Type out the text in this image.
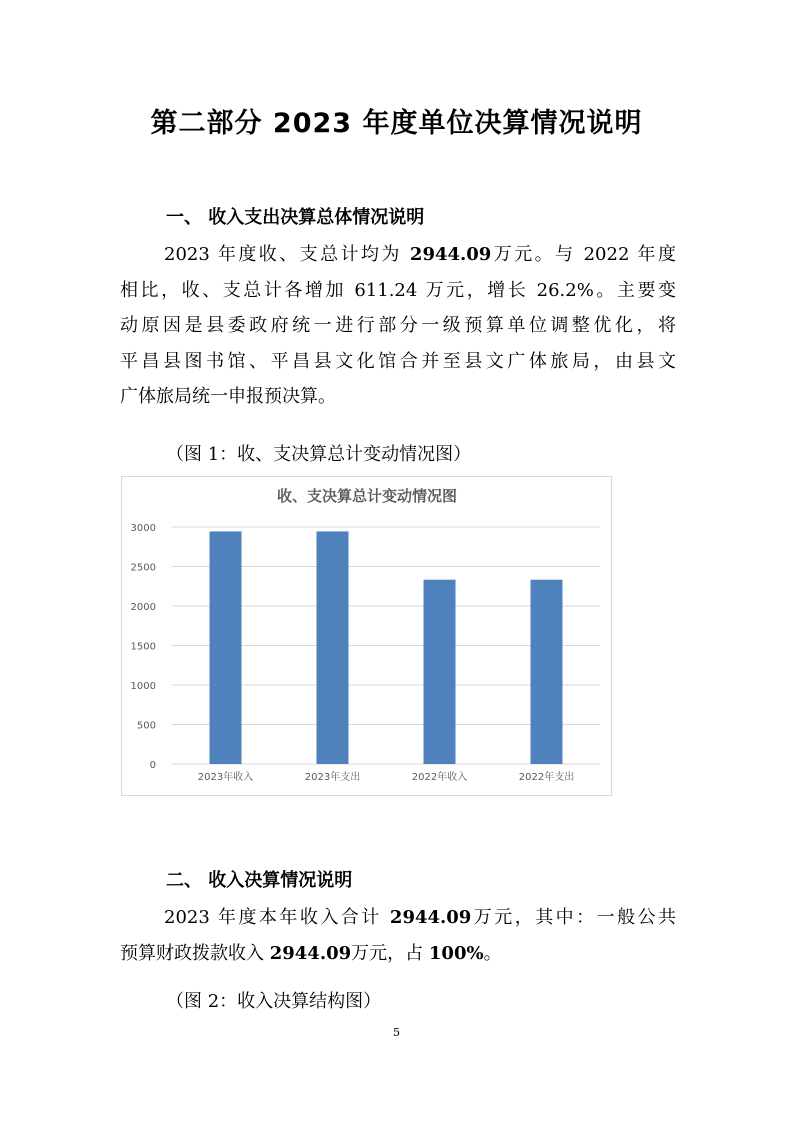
第二部分 2023 年度单位决算情况说明
一、 收入支出决算总体情况说明
2023 年度收、支总计均为 2944.09万元。与 2022 年度
相比，收、支总计各增加 611.24 万元，增长 26.2%。主要变
动原因是县委政府统一进行部分一级预算单位调整优化，将
平昌县图书馆、平昌县文化馆合并至县文广体旅局，由县文
广体旅局统一申报预决算。
（图 1：收、支决算总计变动情况图）
收、支决算总计变动情况图
0
500
1000
1500
2000
2500
3000
2023年收入	2023年支出	2022年收入	2022年支出
二、 收入决算情况说明
2023 年度本年收入合计 2944.09万元，其中：一般公共
预算财政拨款收入 2944.09万元，占 100%。
（图 2：收入决算结构图）
5
